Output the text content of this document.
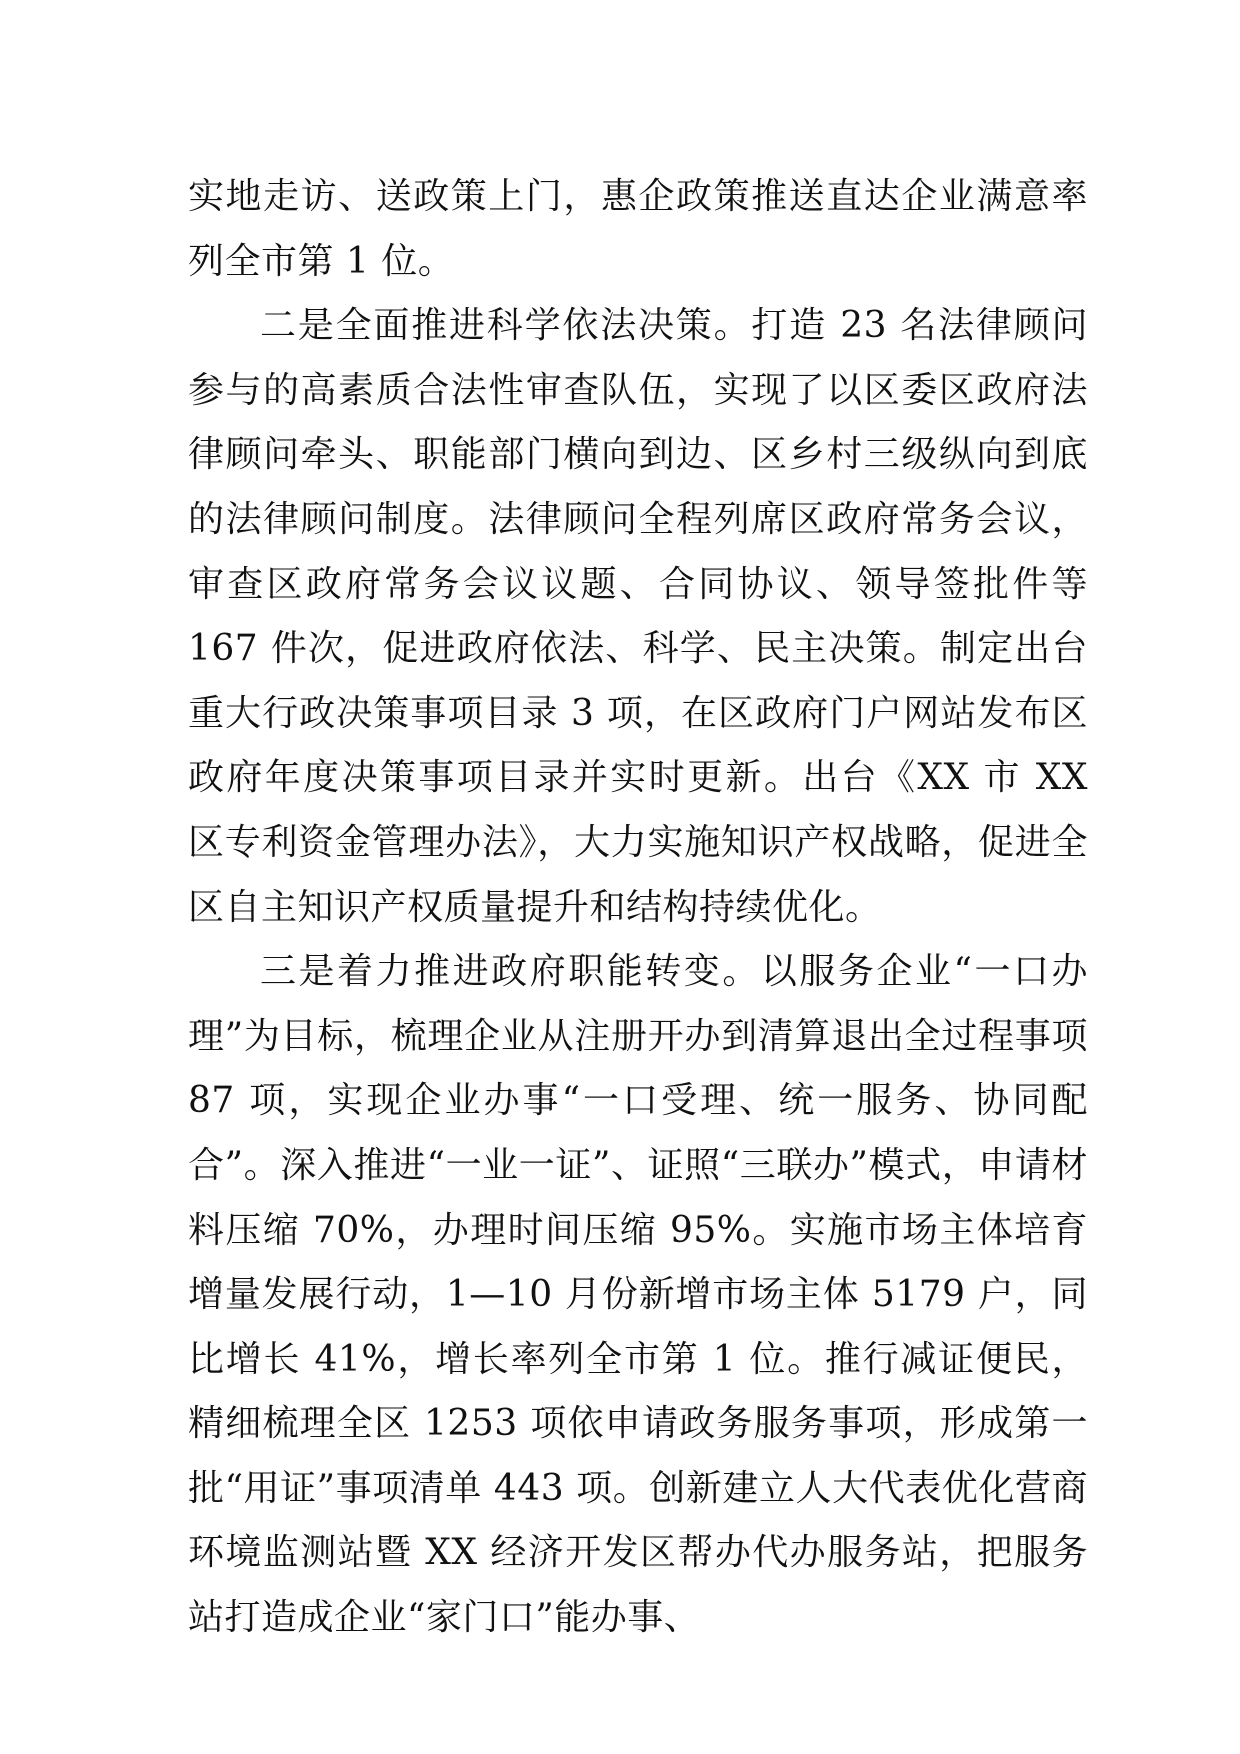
实地走访、送政策上门，惠企政策推送直达企业满意率列全市第 1 位。

二是全面推进科学依法决策。打造 23 名法律顾问参与的高素质合法性审查队伍，实现了以区委区政府法律顾问牵头、职能部门横向到边、区乡村三级纵向到底的法律顾问制度。法律顾问全程列席区政府常务会议，审查区政府常务会议议题、合同协议、领导签批件等 167 件次，促进政府依法、科学、民主决策。制定出台重大行政决策事项目录 3 项，在区政府门户网站发布区政府年度决策事项目录并实时更新。出台《XX 市 XX 区专利资金管理办法》，大力实施知识产权战略，促进全区自主知识产权质量提升和结构持续优化。

三是着力推进政府职能转变。以服务企业“一口办理”为目标，梳理企业从注册开办到清算退出全过程事项 87 项，实现企业办事“一口受理、统一服务、协同配合”。深入推进“一业一证”、证照“三联办”模式，申请材料压缩 70%，办理时间压缩 95%。实施市场主体培育增量发展行动，1—10 月份新增市场主体 5179 户，同比增长 41%，增长率列全市第 1 位。推行减证便民，精细梳理全区 1253 项依申请政务服务事项，形成第一批“用证”事项清单 443 项。创新建立人大代表优化营商环境监测站暨 XX 经济开发区帮办代办服务站，把服务站打造成企业“家门口”能办事、
